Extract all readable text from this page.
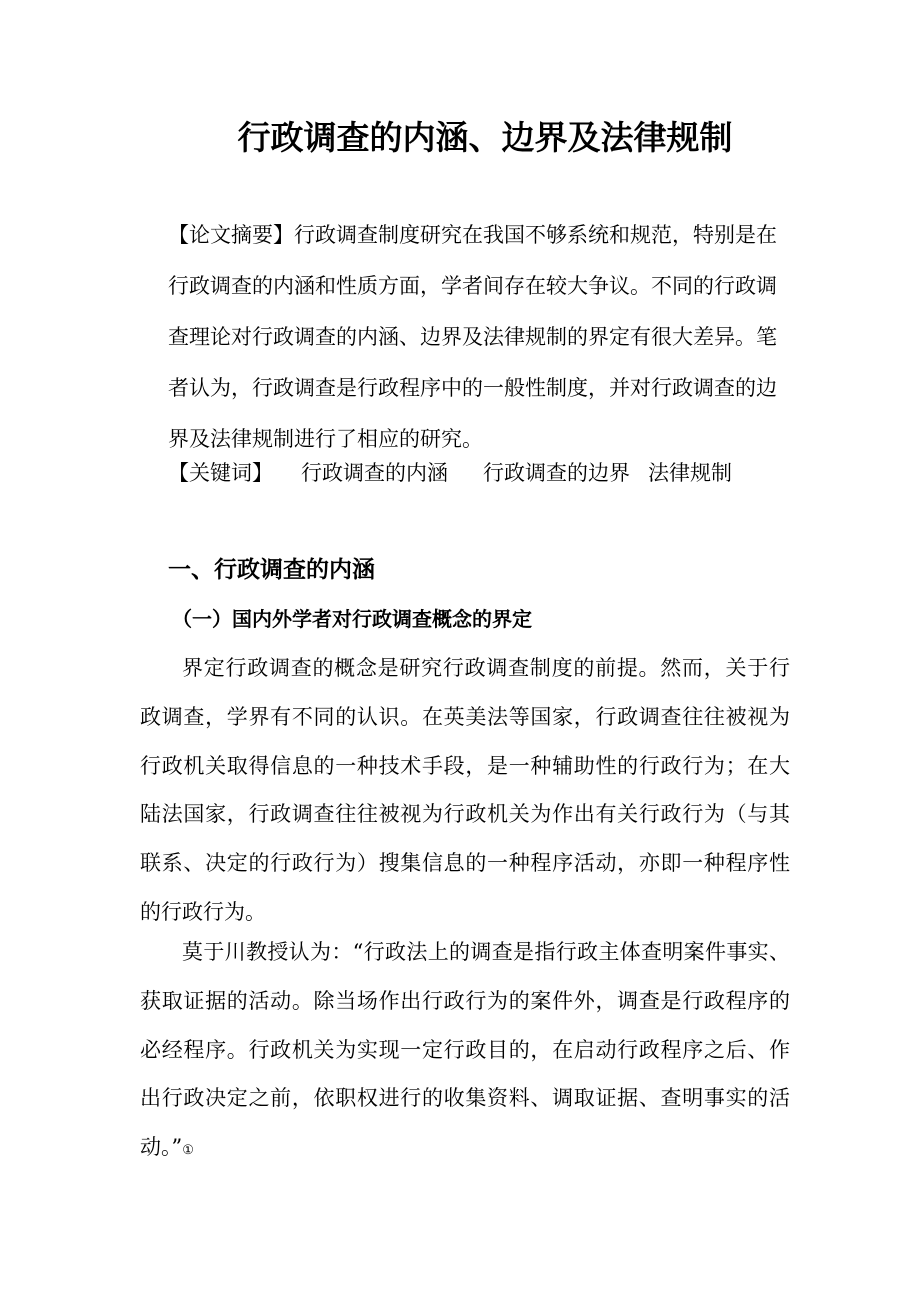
行政调查的内涵、边界及法律规制

【论文摘要】行政调查制度研究在我国不够系统和规范，特别是在行政调查的内涵和性质方面，学者间存在较大争议。不同的行政调查理论对行政调查的内涵、边界及法律规制的界定有很大差异。笔者认为，行政调查是行政程序中的一般性制度，并对行政调查的边界及法律规制进行了相应的研究。

【关键词】 行政调查的内涵 行政调查的边界 法律规制
一、行政调查的内涵
（一）国内外学者对行政调查概念的界定

界定行政调查的概念是研究行政调查制度的前提。然而，关于行政调查，学界有不同的认识。在英美法等国家，行政调查往往被视为行政机关取得信息的一种技术手段，是一种辅助性的行政行为；在大陆法国家，行政调查往往被视为行政机关为作出有关行政行为（与其联系、决定的行政行为）搜集信息的一种程序活动，亦即一种程序性的行政行为。

莫于川教授认为：“行政法上的调查是指行政主体查明案件事实、获取证据的活动。除当场作出行政行为的案件外，调查是行政程序的必经程序。行政机关为实现一定行政目的，在启动行政程序之后、作出行政决定之前，依职权进行的收集资料、调取证据、查明事实的活动。”①
